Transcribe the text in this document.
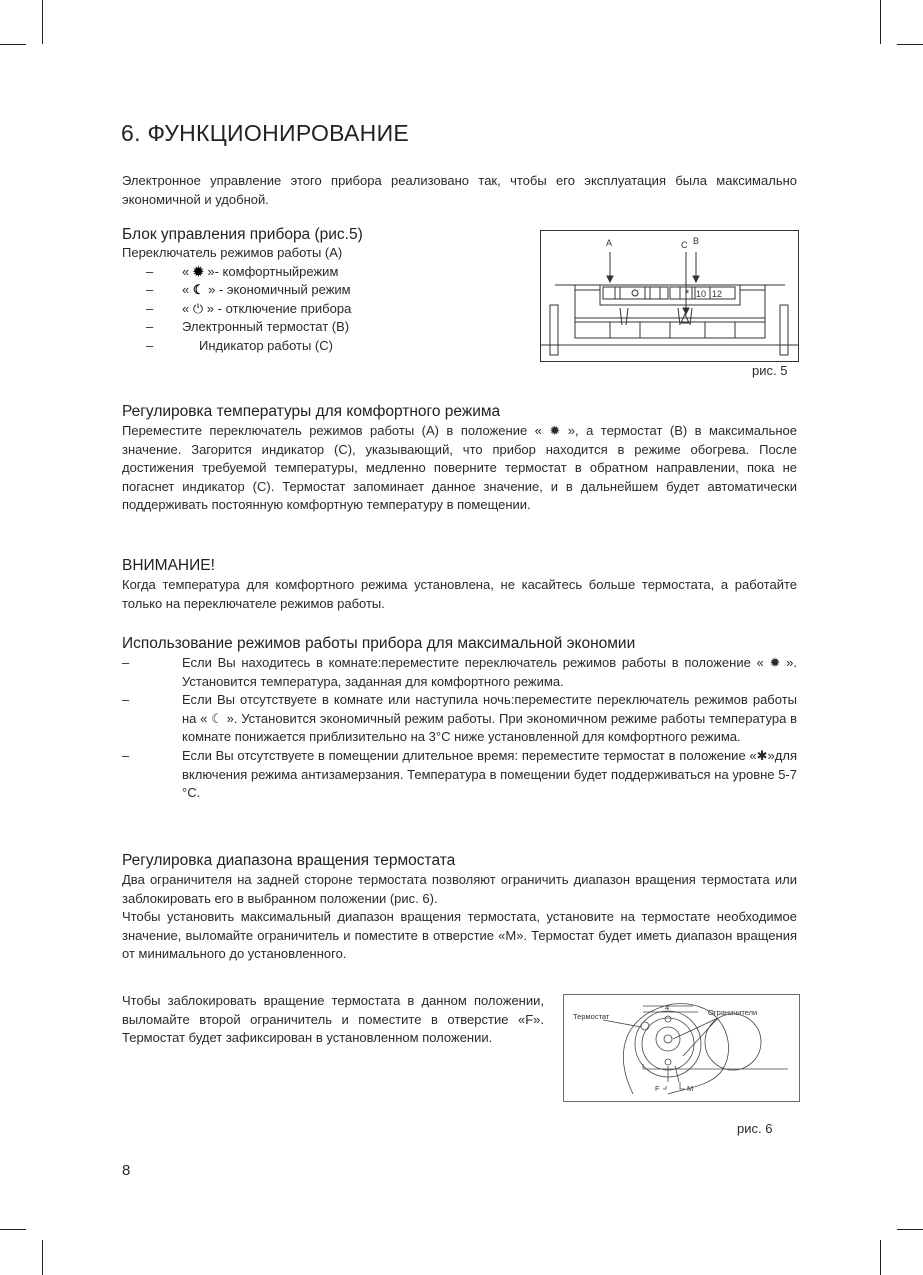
6. ФУНКЦИОНИРОВАНИЕ

Электронное управление этого прибора реализовано так, чтобы его эксплуатация была максимально экономичной и удобной.

Блок управления прибора (рис.5)

Переключатель режимов работы (А)

– « ✹ »- комфортныйрежим
– « ☾ » - экономичный режим
– « ⏻ » - отключение прибора
– Электронный термостат (В)
–	Индикатор работы (С)
* 10 12
A	C B
рис. 5
Регулировка температуры для комфортного режима

Переместите переключатель режимов работы (А) в положение « ✹ », а термостат (В) в максимальное значение. Загорится индикатор (С), указывающий, что прибор находится в режиме обогрева. После достижения требуемой температуры, медленно поверните термостат в обратном направлении, пока не погаснет индикатор (С). Термостат запоминает данное значение, и в дальнейшем будет автоматически поддерживать постоянную комфортную температуру в помещении.

ВНИМАНИЕ!

Когда температура для комфортного режима установлена, не касайтесь больше термостата, а работайте только на переключателе режимов работы.

Использование режимов работы прибора для максимальной экономии
–	Если Вы находитесь в комнате:переместите переключатель режимов работы в положение « ✹ ». Установится температура, заданная для комфортного режима.
–	Если Вы отсутствуете в комнате или наступила ночь:переместите переключатель режимов работы на « ☾ ». Установится экономичный режим работы. При экономичном режиме работы температура в комнате понижается приблизительно на 3°С ниже установленной для комфортного режима.
–	Если Вы отсутствуете в помещении длительное время: переместите термостат в положение «✱»для включения режима антизамерзания. Температура в помещении будет поддерживаться на уровне 5-7 °С.
Регулировка диапазона вращения термостата

Два ограничителя на задней стороне термостата позволяют ограничить диапазон вращения термостата или заблокировать его в выбранном положении (рис. 6).

Чтобы установить максимальный диапазон вращения термостата, установите на термостате необходимое значение, выломайте ограничитель и поместите в отверстие «М». Термостат будет иметь диапазон вращения от минимального до установленного.

Чтобы заблокировать вращение термостата в данном положении, выломайте второй ограничитель и поместите в отверстие «F». Термостат будет зафиксирован в установленном положении.

Термостат	Ограничители
4
F	M
рис. 6
8
